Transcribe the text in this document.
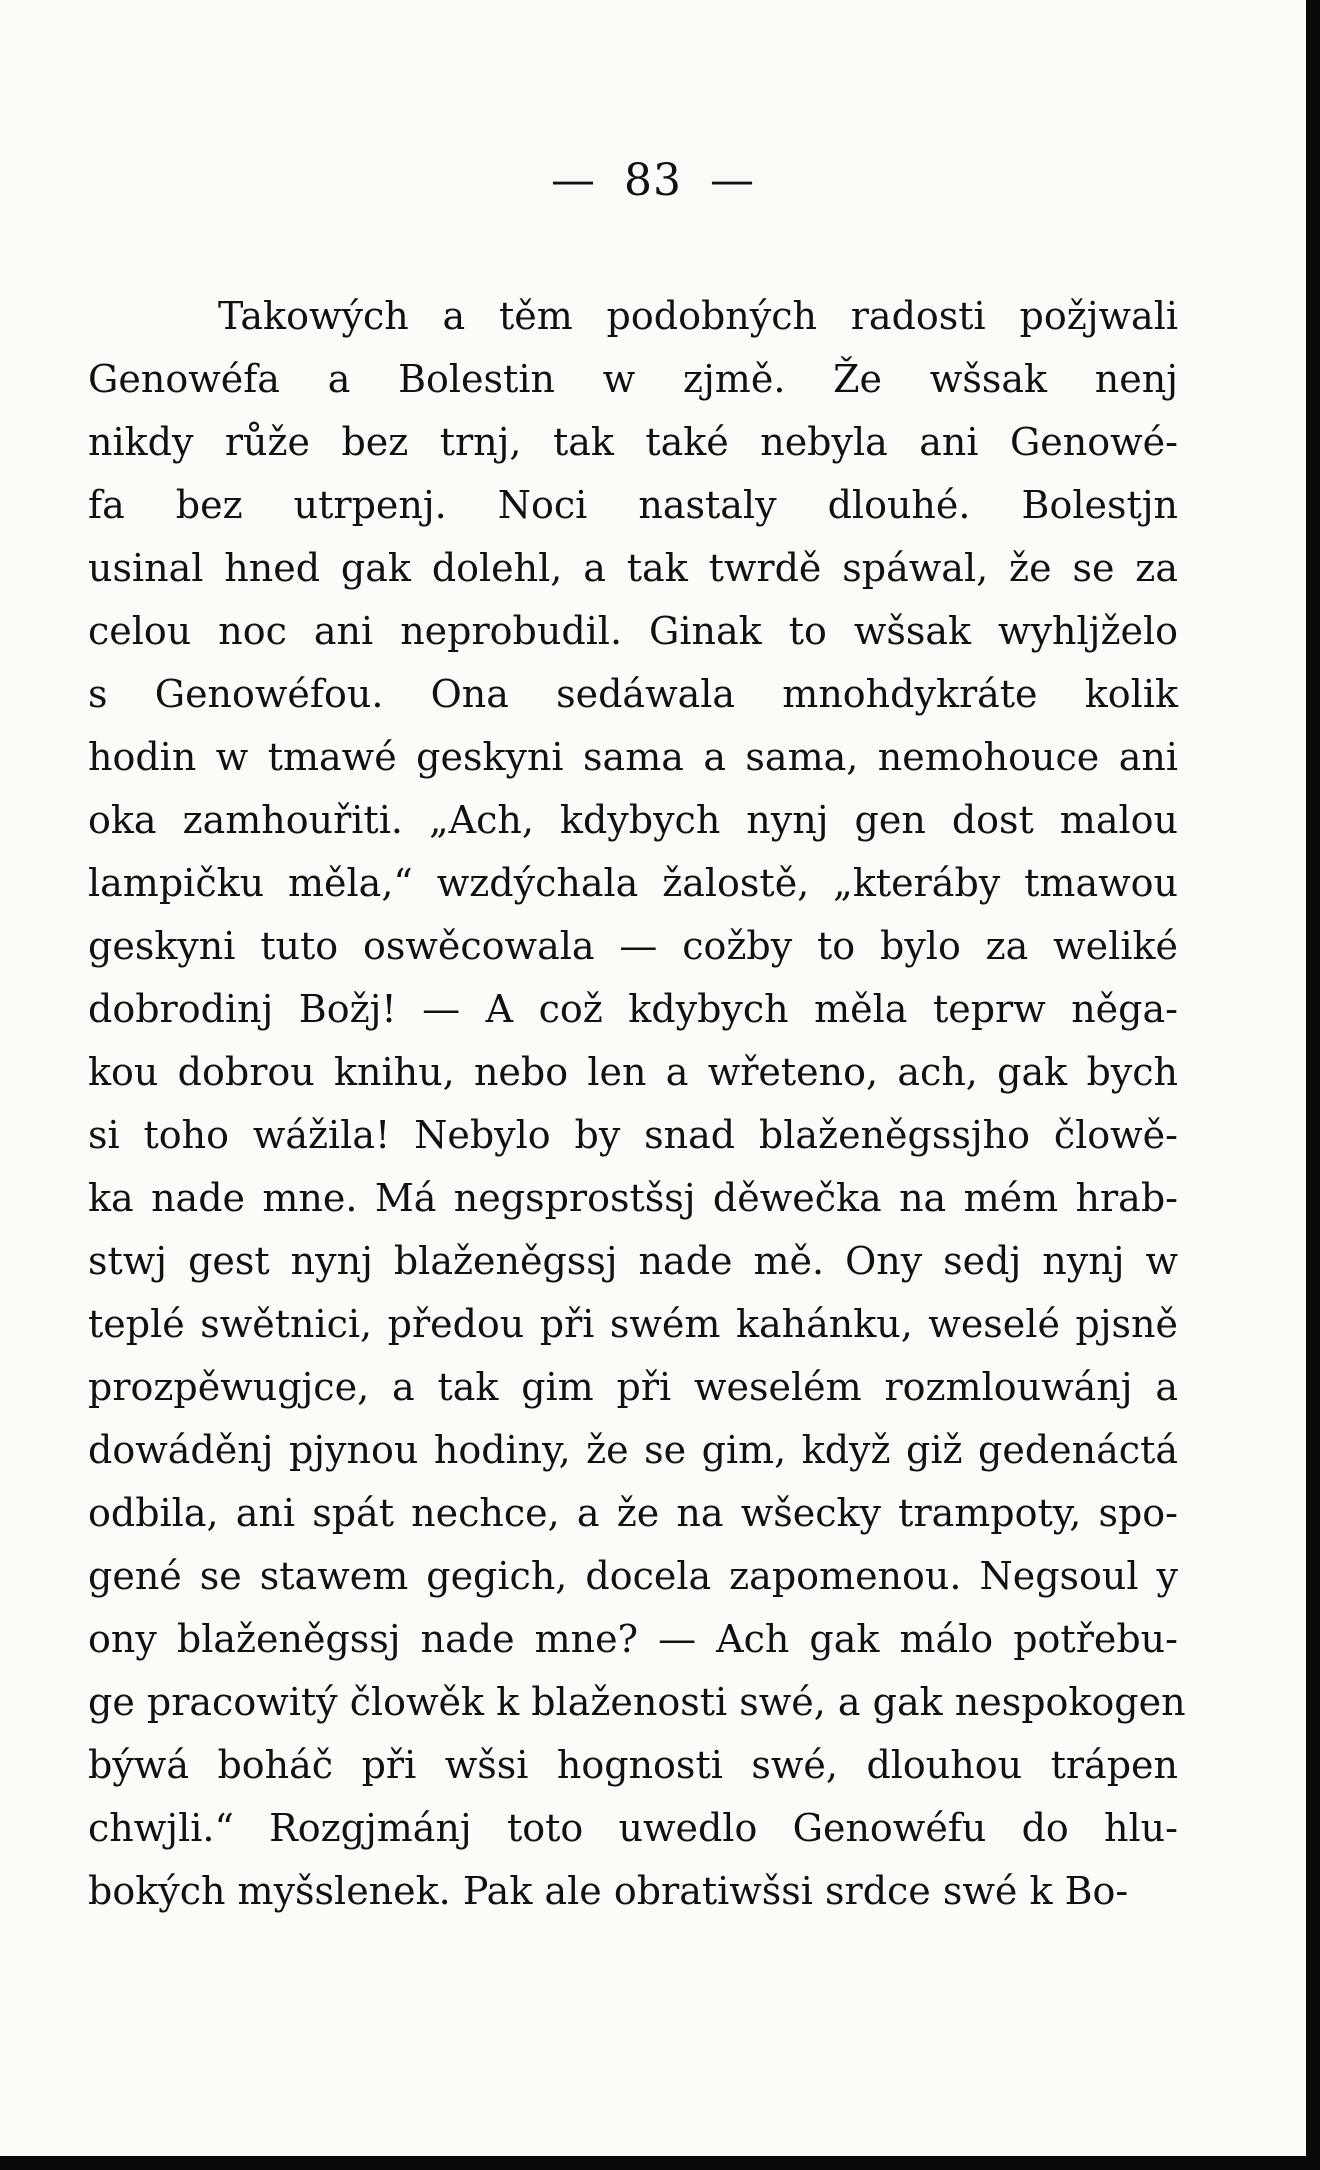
— 83 —
Takowých a těm podobných radosti požjwali
Genowéfa a Bolestin w zjmě. Že wšsak nenj
nikdy růže bez trnj, tak také nebyla ani Genowé-
fa bez utrpenj. Noci nastaly dlouhé. Bolestjn
usinal hned gak dolehl, a tak twrdě spáwal, že se za
celou noc ani neprobudil. Ginak to wšsak wyhljželo
s Genowéfou. Ona sedáwala mnohdykráte kolik
hodin w tmawé geskyni sama a sama, nemohouce ani
oka zamhouřiti. „Ach, kdybych nynj gen dost malou
lampičku měla,“ wzdýchala žalostě, „kteráby tmawou
geskyni tuto oswěcowala — cožby to bylo za weliké
dobrodinj Božj! — A což kdybych měla teprw něga-
kou dobrou knihu, nebo len a wřeteno, ach, gak bych
si toho wážila! Nebylo by snad blaženěgssjho člowě-
ka nade mne. Má negsprostšsj děwečka na mém hrab-
stwj gest nynj blaženěgssj nade mě. Ony sedj nynj w
teplé swětnici, předou při swém kahánku, weselé pjsně
prozpěwugjce, a tak gim při weselém rozmlouwánj a
dowáděnj pjynou hodiny, že se gim, když giž gedenáctá
odbila, ani spát nechce, a že na wšecky trampoty, spo-
gené se stawem gegich, docela zapomenou. Negsoul y
ony blaženěgssj nade mne? — Ach gak málo potřebu-
ge pracowitý člowěk k blaženosti swé, a gak nespokogen
býwá boháč při wšsi hognosti swé, dlouhou trápen
chwjli.“ Rozgjmánj toto uwedlo Genowéfu do hlu-
bokých myšslenek. Pak ale obratiwšsi srdce swé k Bo-
